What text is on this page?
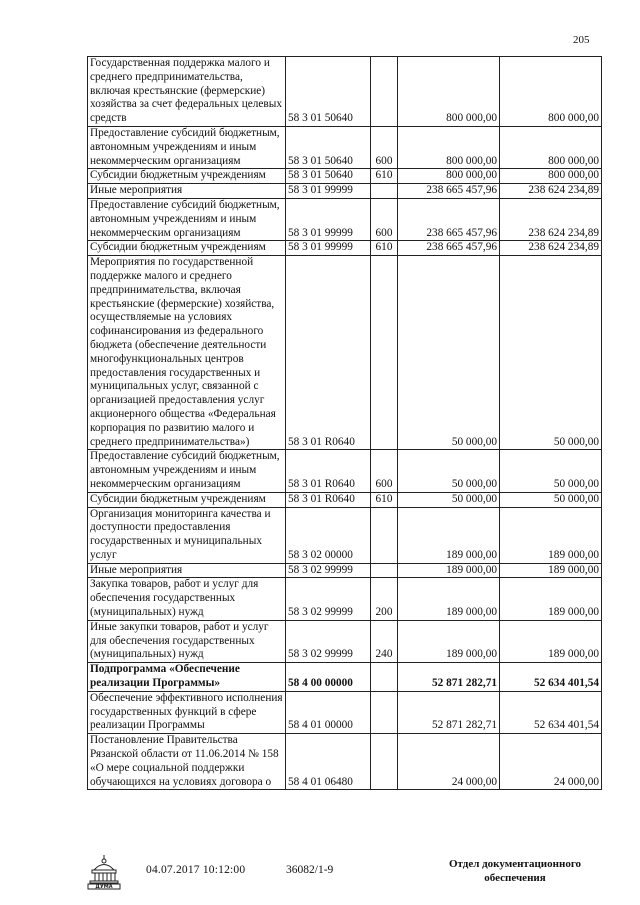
205
Государственная поддержка малого и среднего предпринимательства, включая крестьянские (фермерские) хозяйства за счет федеральных целевых средств	58 3 01 50640		800 000,00	800 000,00
Предоставление субсидий бюджетным, автономным учреждениям и иным некоммерческим организациям	58 3 01 50640	600	800 000,00	800 000,00
Субсидии бюджетным учреждениям	58 3 01 50640	610	800 000,00	800 000,00
Иные мероприятия	58 3 01 99999		238 665 457,96	238 624 234,89
Предоставление субсидий бюджетным, автономным учреждениям и иным некоммерческим организациям	58 3 01 99999	600	238 665 457,96	238 624 234,89
Субсидии бюджетным учреждениям	58 3 01 99999	610	238 665 457,96	238 624 234,89
Мероприятия по государственной поддержке малого и среднего предпринимательства, включая крестьянские (фермерские) хозяйства, осуществляемые на условиях софинансирования из федерального бюджета (обеспечение деятельности многофункциональных центров предоставления государственных и муниципальных услуг, связанной с организацией предоставления услуг акционерного общества «Федеральная корпорация по развитию малого и среднего предпринимательства»)	58 3 01 R0640		50 000,00	50 000,00
Предоставление субсидий бюджетным, автономным учреждениям и иным некоммерческим организациям	58 3 01 R0640	600	50 000,00	50 000,00
Субсидии бюджетным учреждениям	58 3 01 R0640	610	50 000,00	50 000,00
Организация мониторинга качества и доступности предоставления государственных и муниципальных услуг	58 3 02 00000		189 000,00	189 000,00
Иные мероприятия	58 3 02 99999		189 000,00	189 000,00
Закупка товаров, работ и услуг для обеспечения государственных (муниципальных) нужд	58 3 02 99999	200	189 000,00	189 000,00
Иные закупки товаров, работ и услуг для обеспечения государственных (муниципальных) нужд	58 3 02 99999	240	189 000,00	189 000,00
Подпрограмма «Обеспечение реализации Программы»	58 4 00 00000		52 871 282,71	52 634 401,54
Обеспечение эффективного исполнения государственных функций в сфере реализации Программы	58 4 01 00000		52 871 282,71	52 634 401,54
Постановление Правительства Рязанской области от 11.06.2014 № 158 «О мере социальной поддержки обучающихся на условиях договора о	58 4 01 06480		24 000,00	24 000,00
ДУМА
04.07.2017 10:12:00	36082/1-9	Отдел документационного обеспечения
